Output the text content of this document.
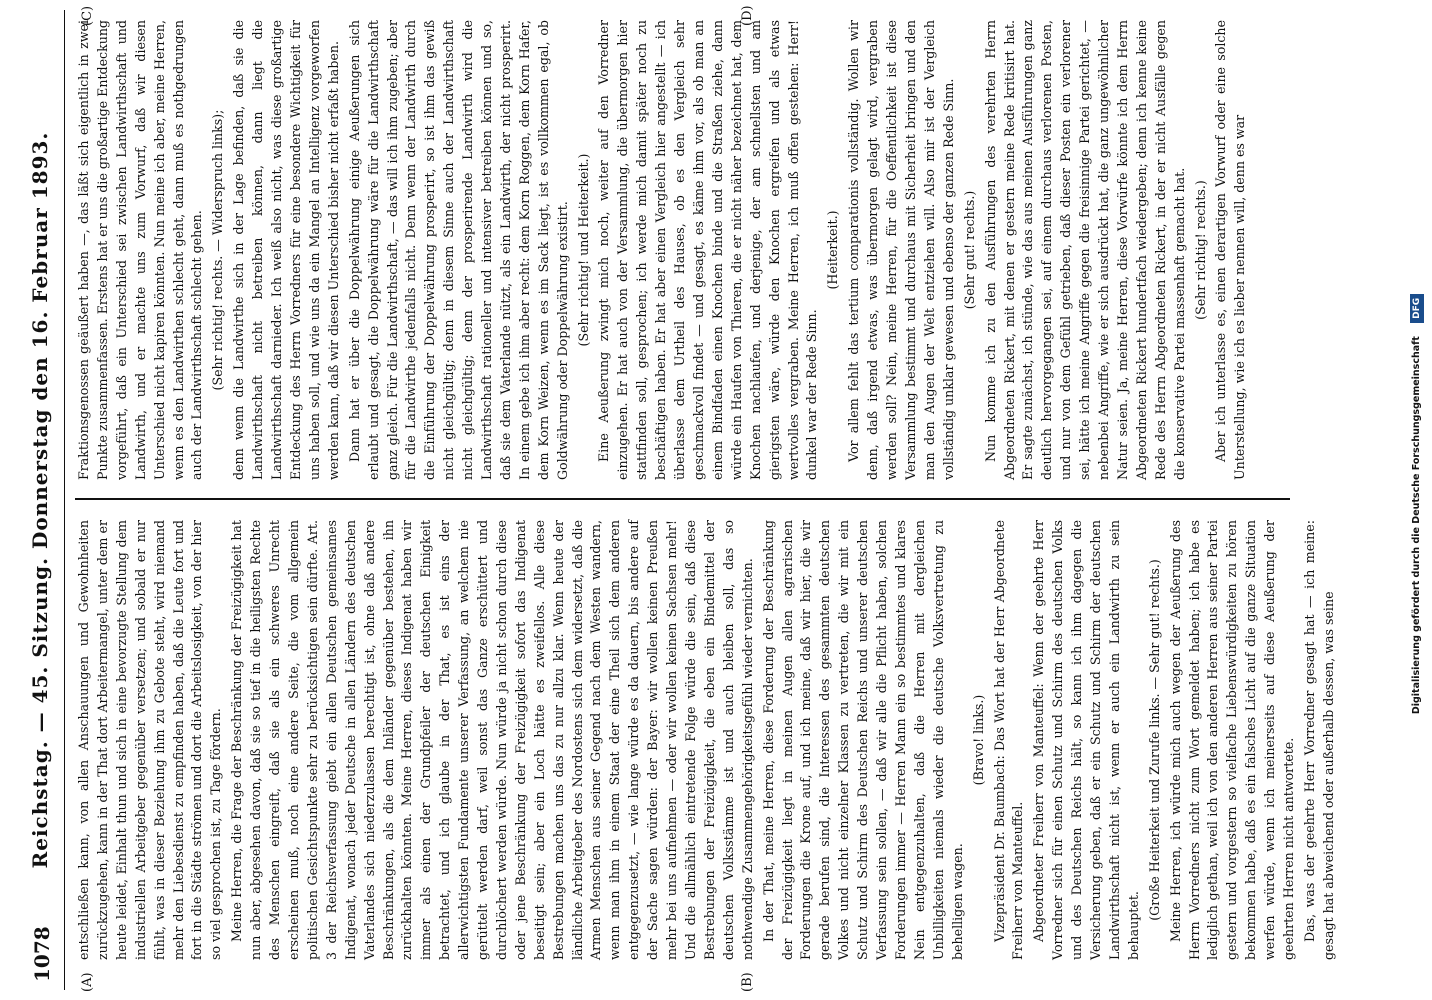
1078
Reichstag. — 45. Sitzung. Donnerstag den 16. Februar 1893.
(A)	(B)
(C)	(D)

entschließen kann, von allen Anschauungen und Gewohnheiten zurückzugehen, kann in der That dort Arbeitermangel, unter dem er heute leidet, Einhalt thun und sich in eine bevorzugte Stellung dem industriellen Arbeitgeber gegenüber versetzen; und sobald er nur fühlt, was in dieser Beziehung ihm zu Gebote steht, wird niemand mehr den Liebesdienst zu empfinden haben, daß die Leute fort und fort in die Städte strömen und dort die Arbeitslosigkeit, von der hier so viel gesprochen ist, zu Tage fördern. Meine Herren, die Frage der Beschränkung der Freizügigkeit hat nun aber, abgesehen davon, daß sie so tief in die heiligsten Rechte des Menschen eingreift, daß sie als ein schweres Unrecht erscheinen muß, noch eine andere Seite, die vom allgemein politischen Gesichtspunkte sehr zu berücksichtigen sein dürfte. Art. 3 der Reichsverfassung giebt ein allen Deutschen gemeinsames Indigenat, wonach jeder Deutsche in allen Ländern des deutschen Vaterlandes sich niederzulassen berechtigt ist, ohne daß andere Beschränkungen, als die dem Inländer gegenüber bestehen, ihn zurückhalten könnten. Meine Herren, dieses Indigenat haben wir immer als einen der Grundpfeiler der deutschen Einigkeit betrachtet, und ich glaube in der That, es ist eins der allerwichtigsten Fundamente unserer Verfassung, an welchem nie gerüttelt werden darf, weil sonst das Ganze erschüttert und durchlöchert werden würde. Nun würde ja nicht schon durch diese oder jene Beschränkung der Freizügigkeit sofort das Indigenat beseitigt sein; aber ein Loch hätte es zweifellos. Alle diese Bestrebungen machen uns das zu nur allzu klar. Wenn heute der ländliche Arbeitgeber des Nordostens sich dem widersetzt, daß die Armen Menschen aus seiner Gegend nach dem Westen wandern, wenn man ihm in einem Staat der eine Theil sich dem anderen entgegenzusetzt, — wie lange würde es da dauern, bis andere auf der Sache sagen würden: der Bayer: wir wollen keinen Preußen mehr bei uns aufnehmen — oder wir wollen keinen Sachsen mehr! Und die allmählich eintretende Folge würde die sein, daß diese Bestrebungen der Freizügigkeit, die eben ein Bindemittel der deutschen Volksstämme ist und auch bleiben soll, das so nothwendige Zusammengehörigkeitsgefühl wieder vernichten. In der That, meine Herren, diese Forderung der Beschränkung der Freizügigkeit liegt in meinen Augen allen agrarischen Forderungen die Krone auf, und ich meine, daß wir hier, die wir gerade berufen sind, die Interessen des gesammten deutschen Volkes und nicht einzelner Klassen zu vertreten, die wir mit ein Schutz und Schirm des Deutschen Reichs und unserer deutschen Verfassung sein sollen, — daß wir alle die Pflicht haben, solchen Forderungen immer — Herren Mann ein so bestimmtes und klares Nein entgegenzuhalten, daß die Herren mit dergleichen Unbilligkeiten niemals wieder die deutsche Volksvertretung zu behelligen wagen.

(Bravo! links.) Vizepräsident Dr. Baumbach: Das Wort hat der Herr Abgeordnete Freiherr von Manteuffel. Abgeordneter Freiherr von Manteuffel: Wenn der geehrte Herr Vorredner sich für einen Schutz und Schirm des deutschen Volks und des Deutschen Reichs hält, so kann ich ihm dagegen die Versicherung geben, daß er ein Schutz und Schirm der deutschen Landwirthschaft nicht ist, wenn er auch ein Landwirth zu sein behauptet.

(Große Heiterkeit und Zurufe links. — Sehr gut! rechts.) Meine Herren, ich würde mich auch wegen der Aeußerung des Herrn Vorredners nicht zum Wort gemeldet haben; ich habe es lediglich gethan, weil ich von den anderen Herren aus seiner Partei gestern und vorgestern so vielfache Liebenswürdigkeiten zu hören bekommen habe, daß es ein falsches Licht auf die ganze Situation werfen würde, wenn ich meinerseits auf diese Aeußerung der geehrten Herren nicht antwortete. Das, was der geehrte Herr Vorredner gesagt hat — ich meine: gesagt hat abweichend oder außerhalb dessen, was seine

Fraktionsgenossen geäußert haben —, das läßt sich eigentlich in zwei Punkte zusammenfassen. Erstens hat er uns die großartige Entdeckung vorgeführt, daß ein Unterschied sei zwischen Landwirthschaft und Landwirth, und er machte uns zum Vorwurf, daß wir diesen Unterschied nicht kapiren könnten. Nun meine ich aber, meine Herren, wenn es den Landwirthen schlecht geht, dann muß es nothgedrungen auch der Landwirthschaft schlecht gehen. (Sehr richtig! rechts. — Widerspruch links); denn wenn die Landwirthe sich in der Lage befinden, daß sie die Landwirthschaft nicht betreiben können, dann liegt die Landwirthschaft darnieder. Ich weiß also nicht, was diese großartige Entdeckung des Herrn Vorredners für eine besondere Wichtigkeit für uns haben soll, und wie uns da ein Mangel an Intelligenz vorgeworfen werden kann, daß wir diesen Unterschied bisher nicht erfaßt haben. Dann hat er über die Doppelwährung einige Aeußerungen sich erlaubt und gesagt, die Doppelwährung wäre für die Landwirthschaft ganz gleich. Für die Landwirthschaft, — das will ich ihm zugeben; aber für die Landwirthe jedenfalls nicht. Denn wenn der Landwirth durch die Einführung der Doppelwährung prosperirt, so ist ihm das gewiß nicht gleichgültig; denn in diesem Sinne auch der Landwirthschaft nicht gleichgültig; denn der prosperirende Landwirth wird die Landwirthschaft rationeller und intensiver betreiben können und so, daß sie dem Vaterlande nützt, als ein Landwirth, der nicht prosperirt. In einem gebe ich ihm aber recht: dem Korn Roggen, dem Korn Hafer, dem Korn Weizen, wenn es im Sack liegt, ist es vollkommen egal, ob Goldwährung oder Doppelwährung existirt. (Sehr richtig! und Heiterkeit.) Eine Aeußerung zwingt mich noch, weiter auf den Vorredner einzugehen. Er hat auch von der Versammlung, die übermorgen hier stattfinden soll, gesprochen; ich werde mich damit später noch zu beschäftigen haben. Er hat aber einen Vergleich hier angestellt — ich überlasse dem Urtheil des Hauses, ob es den Vergleich sehr geschmackvoll findet — und gesagt, es käme ihm vor, als ob man an einem Bindfaden einen Knochen binde und die Straßen ziehe, dann würde ein Haufen von Thieren, die er nicht näher bezeichnet hat, dem Knochen nachlaufen, und derjenige, der am schnellsten und am gierigsten wäre, würde den Knochen ergreifen und als etwas wertvolles vergraben. Meine Herren, ich muß offen gestehen: Herr! dunkel war der Rede Sinn.

(Heiterkeit.) Vor allem fehlt das tertium comparationis vollständig. Wollen wir denn, daß irgend etwas, was übermorgen gelagt wird, vergraben werden soll? Nein, meine Herren, für die Oeffentlichkeit ist diese Versammlung bestimmt und durchaus mit Sicherheit bringen und den man den Augen der Welt entziehen will. Also mir ist der Vergleich vollständig unklar gewesen und ebenso der ganzen Rede Sinn. (Sehr gut! rechts.) Nun komme ich zu den Ausführungen des verehrten Herrn Abgeordneten Rickert, mit denen er gestern meine Rede kritisirt hat. Er sagte zunächst, ich stünde, wie das aus meinen Ausführungen ganz deutlich hervorgegangen sei, auf einem durchaus verlorenen Posten, und nur von dem Gefühl getrieben, daß dieser Posten ein verlorener sei, hätte ich meine Angriffe gegen die freisinnige Partei gerichtet, — nebenbei Angriffe, wie er sich ausdrückt hat, die ganz ungewöhnlicher Natur seien. Ja, meine Herren, diese Vorwürfe könnte ich dem Herrn Abgeordneten Rickert hundertfach wiedergeben; denn ich kenne keine Rede des Herrn Abgeordneten Rickert, in der er nicht Ausfälle gegen die konservative Partei massenhaft gemacht hat. (Sehr richtig! rechts.) Aber ich unterlasse es, einen derartigen Vorwurf oder eine solche Unterstellung, wie ich es lieber nennen will, denn es war

Digitalisierung gefördert durch die Deutsche Forschungsgemeinschaft DFG
